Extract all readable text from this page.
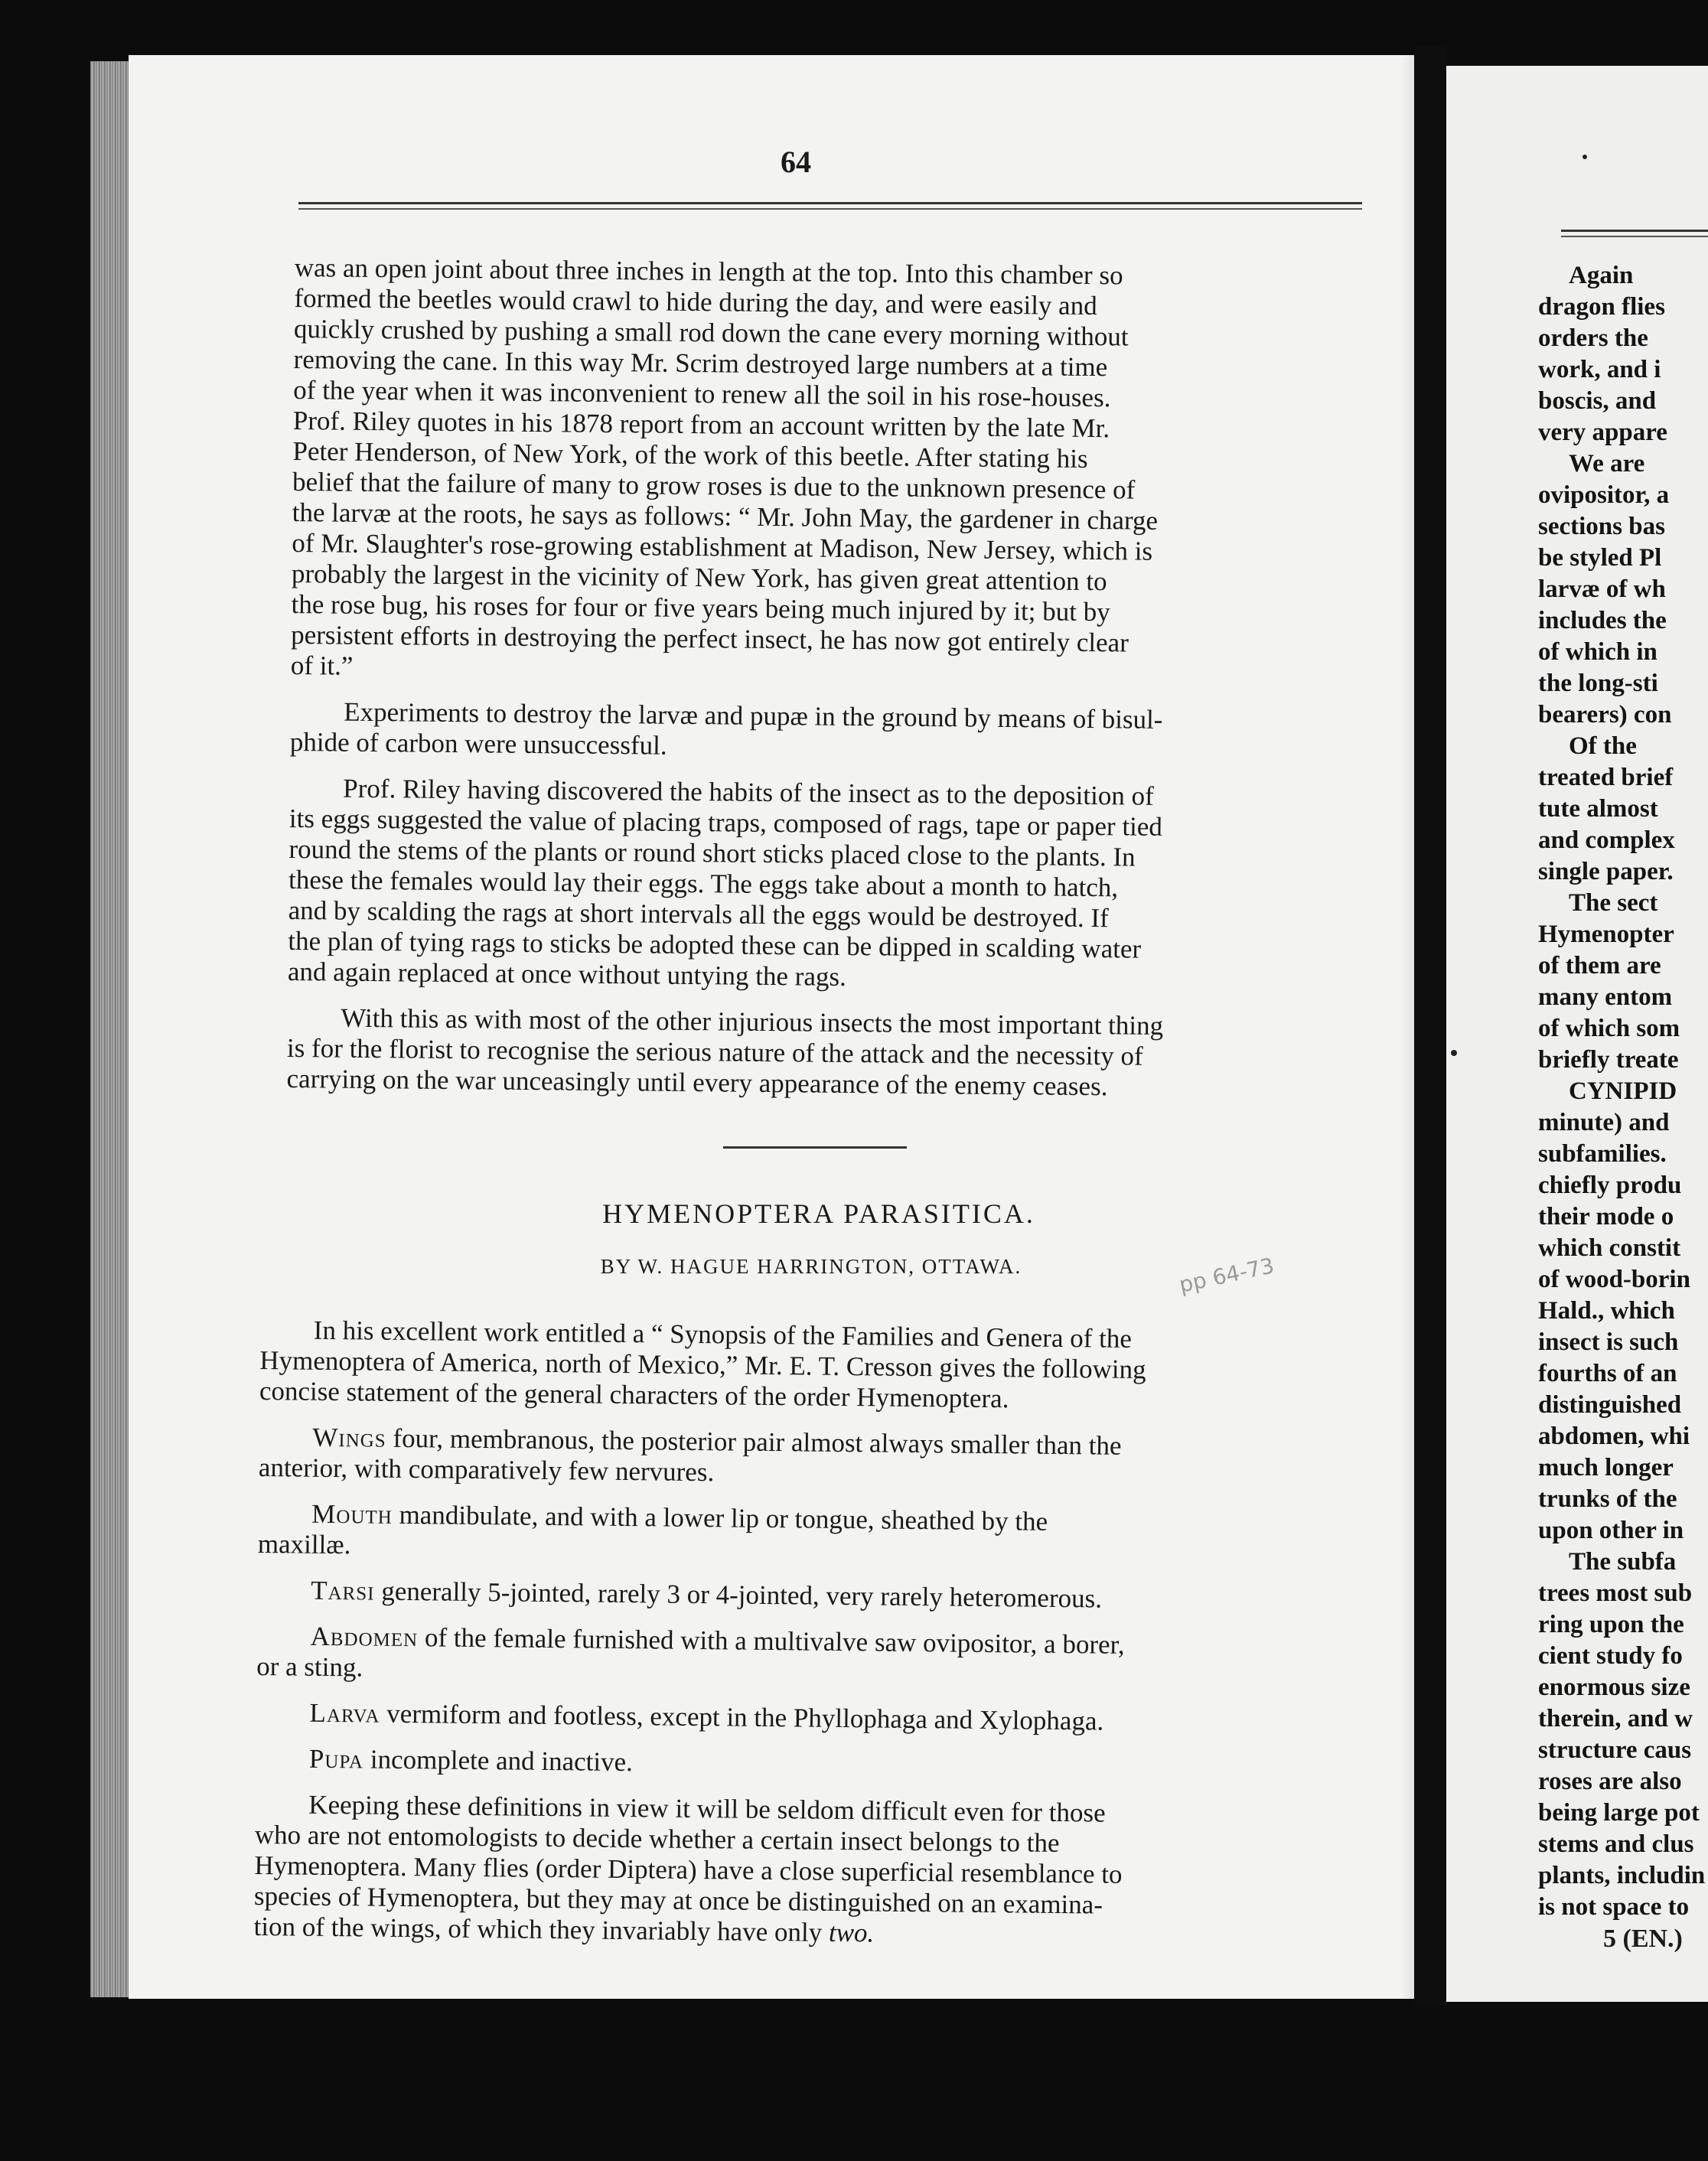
64

was an open joint about three inches in length at the top. Into this chamber so

formed the beetles would crawl to hide during the day, and were easily and

quickly crushed by pushing a small rod down the cane every morning without

removing the cane. In this way Mr. Scrim destroyed large numbers at a time

of the year when it was inconvenient to renew all the soil in his rose-houses.

Prof. Riley quotes in his 1878 report from an account written by the late Mr.

Peter Henderson, of New York, of the work of this beetle. After stating his

belief that the failure of many to grow roses is due to the unknown presence of

the larvæ at the roots, he says as follows: “ Mr. John May, the gardener in charge

of Mr. Slaughter's rose-growing establishment at Madison, New Jersey, which is

probably the largest in the vicinity of New York, has given great attention to

the rose bug, his roses for four or five years being much injured by it; but by

persistent efforts in destroying the perfect insect, he has now got entirely clear

of it.”

Experiments to destroy the larvæ and pupæ in the ground by means of bisul-

phide of carbon were unsuccessful.

Prof. Riley having discovered the habits of the insect as to the deposition of

its eggs suggested the value of placing traps, composed of rags, tape or paper tied

round the stems of the plants or round short sticks placed close to the plants. In

these the females would lay their eggs. The eggs take about a month to hatch,

and by scalding the rags at short intervals all the eggs would be destroyed. If

the plan of tying rags to sticks be adopted these can be dipped in scalding water

and again replaced at once without untying the rags.

With this as with most of the other injurious insects the most important thing

is for the florist to recognise the serious nature of the attack and the necessity of

carrying on the war unceasingly until every appearance of the enemy ceases.

HYMENOPTERA PARASITICA.
BY W. HAGUE HARRINGTON, OTTAWA.	pp 64-73

In his excellent work entitled a “ Synopsis of the Families and Genera of the

Hymenoptera of America, north of Mexico,” Mr. E. T. Cresson gives the following

concise statement of the general characters of the order Hymenoptera.

Wings four, membranous, the posterior pair almost always smaller than the

anterior, with comparatively few nervures.

Mouth mandibulate, and with a lower lip or tongue, sheathed by the

maxillæ.

Tarsi generally 5-jointed, rarely 3 or 4-jointed, very rarely heteromerous.

Abdomen of the female furnished with a multivalve saw ovipositor, a borer,

or a sting.

Larva vermiform and footless, except in the Phyllophaga and Xylophaga.

Pupa incomplete and inactive.

Keeping these definitions in view it will be seldom difficult even for those

who are not entomologists to decide whether a certain insect belongs to the

Hymenoptera. Many flies (order Diptera) have a close superficial resemblance to

species of Hymenoptera, but they may at once be distinguished on an examina-

tion of the wings, of which they invariably have only two.

Again
dragon flies
orders the
work, and i
boscis, and
very appare
We are
ovipositor, a
sections bas
be styled Pl
larvæ of wh
includes the
of which in
the long-sti
bearers) con
Of the
treated brief
tute almost
and complex
single paper.
The sect
Hymenopter
of them are
many entom
of which som
briefly treate
CYNIPID
minute) and
subfamilies.
chiefly produ
their mode o
which constit
of wood-borin
Hald., which
insect is such
fourths of an
distinguished
abdomen, whi
much longer
trunks of the
upon other in
The subfa
trees most sub
ring upon the
cient study fo
enormous size
therein, and w
structure caus
roses are also
being large pot
stems and clus
plants, includin
is not space to
5 (EN.)
